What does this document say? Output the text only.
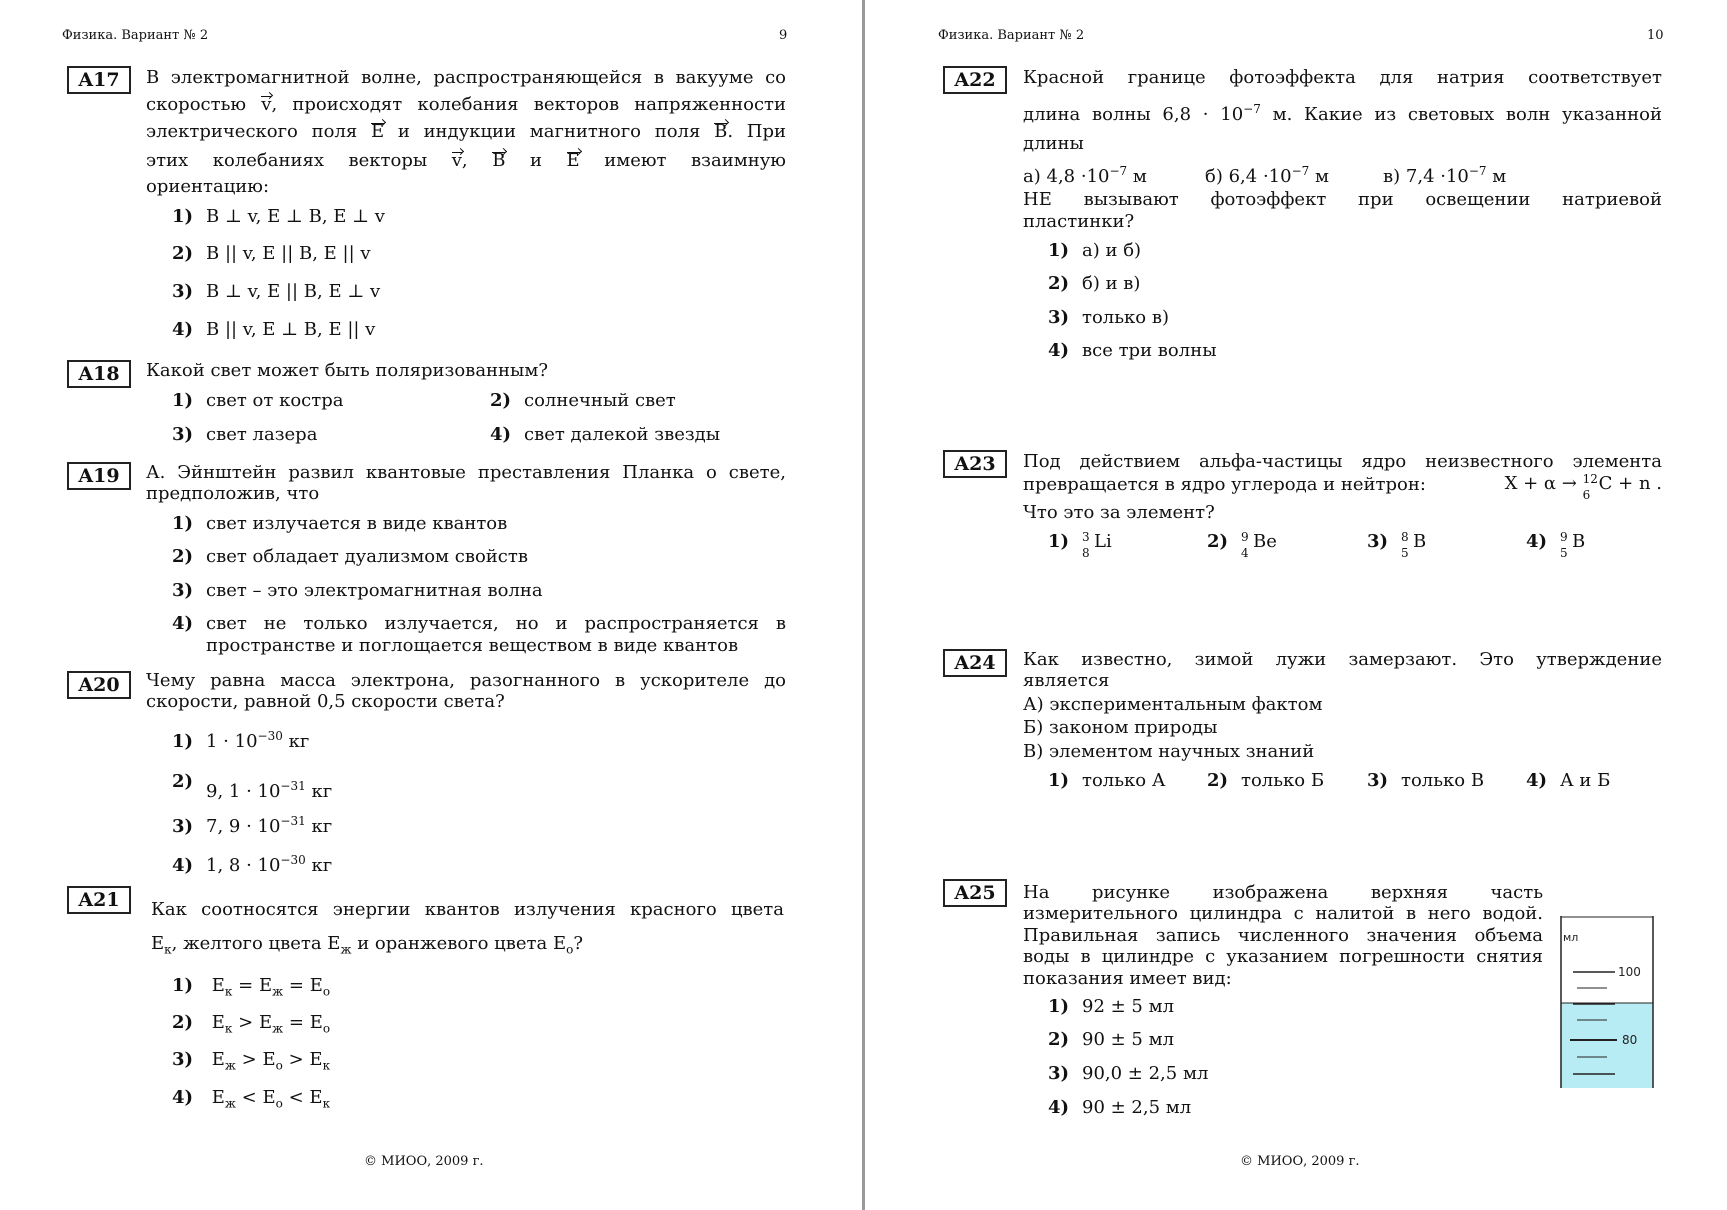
Физика. Вариант № 2	9
A17	В электромагнитной волне, распространяющейся в вакууме со
скоростью v, происходят колебания векторов напряженности
электрического поля E и индукции магнитного поля B. При
этих колебаниях векторы v, B и E имеют взаимную
ориентацию:
1) B ⊥ v, E ⊥ B, E ⊥ v
2) B || v, E || B, E || v
3) B ⊥ v, E || B, E ⊥ v
4) B || v, E ⊥ B, E || v
A18	Какой свет может быть поляризованным?
1) свет от костра	2) солнечный свет
3) свет лазера	4) свет далекой звезды
A19	А. Эйнштейн развил квантовые преставления Планка о свете,
предположив, что
1) свет излучается в виде квантов
2) свет обладает дуализмом свойств
3) свет – это электромагнитная волна
4) свет не только излучается, но и распространяется в
пространстве и поглощается веществом в виде квантов
A20	Чему равна масса электрона, разогнанного в ускорителе до
скорости, равной 0,5 скорости света?
1) $1 \cdot 10^{-30}$ кг
2) 9, $1 \cdot 10^{-31}$ кг
3) 7, $9 \cdot 10^{-31}$ кг
4) 1, $8 \cdot 10^{-30}$ кг
A21	Как соотносятся энергии квантов излучения красного цвета
$E_к$, желтого цвета $E_ж$ и оранжевого цвета $E_о$?
1) $E_к = E_ж = E_о$
2) $E_к > E_ж = E_о$
3) $E_ж > E_о > E_к$
4) $E_ж < E_о < E_к$
© МИОО, 2009 г.
Физика. Вариант № 2	10
A22	Красной границе фотоэффекта для натрия соответствует
длина волны $6,8 \cdot 10^{-7}$ м. Какие из световых волн указанной
длины
а) $4,8 \cdot 10^{-7}$ м	б) $6,4 \cdot 10^{-7}$ м	в) $7,4 \cdot 10^{-7}$ м
НЕ вызывают фотоэффект при освещении натриевой
пластинки?
1) а) и б)
2) б) и в)
3) только в)
4) все три волны
A23	Под действием альфа-частицы ядро неизвестного элемента
превращается в ядро углерода и нейтрон:	X + α → 12
6
C + n .
Что это за элемент?
1) 3
8
Li	2) 9
4
Be	3) 8
5
B	4) 9
5
B
A24	Как известно, зимой лужи замерзают. Это утверждение
является
А) экспериментальным фактом
Б) законом природы
В) элементом научных знаний
1) только А 2) только Б 3) только В 4) А и Б
A25	На рисунке изображена верхняя часть
измерительного цилиндра с налитой в него водой.
Правильная запись численного значения объема
воды в цилиндре с указанием погрешности снятия
показания имеет вид:
1) 92 ± 5 мл
2) 90 ± 5 мл
3) 90,0 ± 2,5 мл
4) 90 ± 2,5 мл
мл
100
80
© МИОО, 2009 г.
